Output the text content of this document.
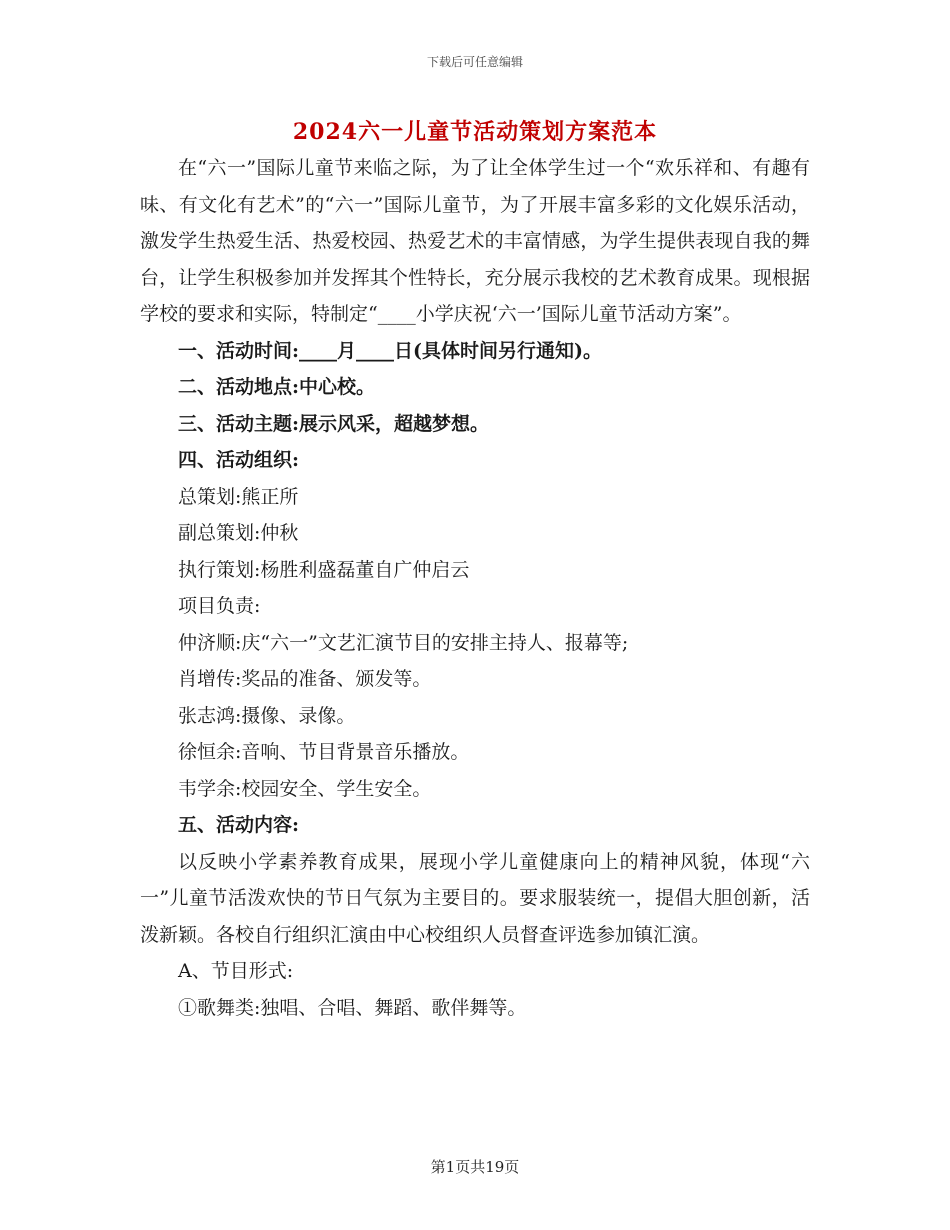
下载后可任意编辑
2024六一儿童节活动策划方案范本

在“六一”国际儿童节来临之际，为了让全体学生过一个“欢乐祥和、有趣有味、有文化有艺术”的“六一”国际儿童节，为了开展丰富多彩的文化娱乐活动，激发学生热爱生活、热爱校园、热爱艺术的丰富情感，为学生提供表现自我的舞台，让学生积极参加并发挥其个性特长，充分展示我校的艺术教育成果。现根据学校的要求和实际，特制定“____小学庆祝‘六一’国际儿童节活动方案”。

一、活动时间:____月____日(具体时间另行通知)。

二、活动地点:中心校。

三、活动主题:展示风采，超越梦想。

四、活动组织:

总策划:熊正所

副总策划:仲秋

执行策划:杨胜利盛磊董自广仲启云

项目负责:

仲济顺:庆“六一”文艺汇演节目的安排主持人、报幕等;

肖增传:奖品的准备、颁发等。

张志鸿:摄像、录像。

徐恒余:音响、节目背景音乐播放。

韦学余:校园安全、学生安全。

五、活动内容:

以反映小学素养教育成果，展现小学儿童健康向上的精神风貌，体现“六一”儿童节活泼欢快的节日气氛为主要目的。要求服装统一，提倡大胆创新，活泼新颖。各校自行组织汇演由中心校组织人员督查评选参加镇汇演。

A、节目形式:

①歌舞类:独唱、合唱、舞蹈、歌伴舞等。

第1页共19页
